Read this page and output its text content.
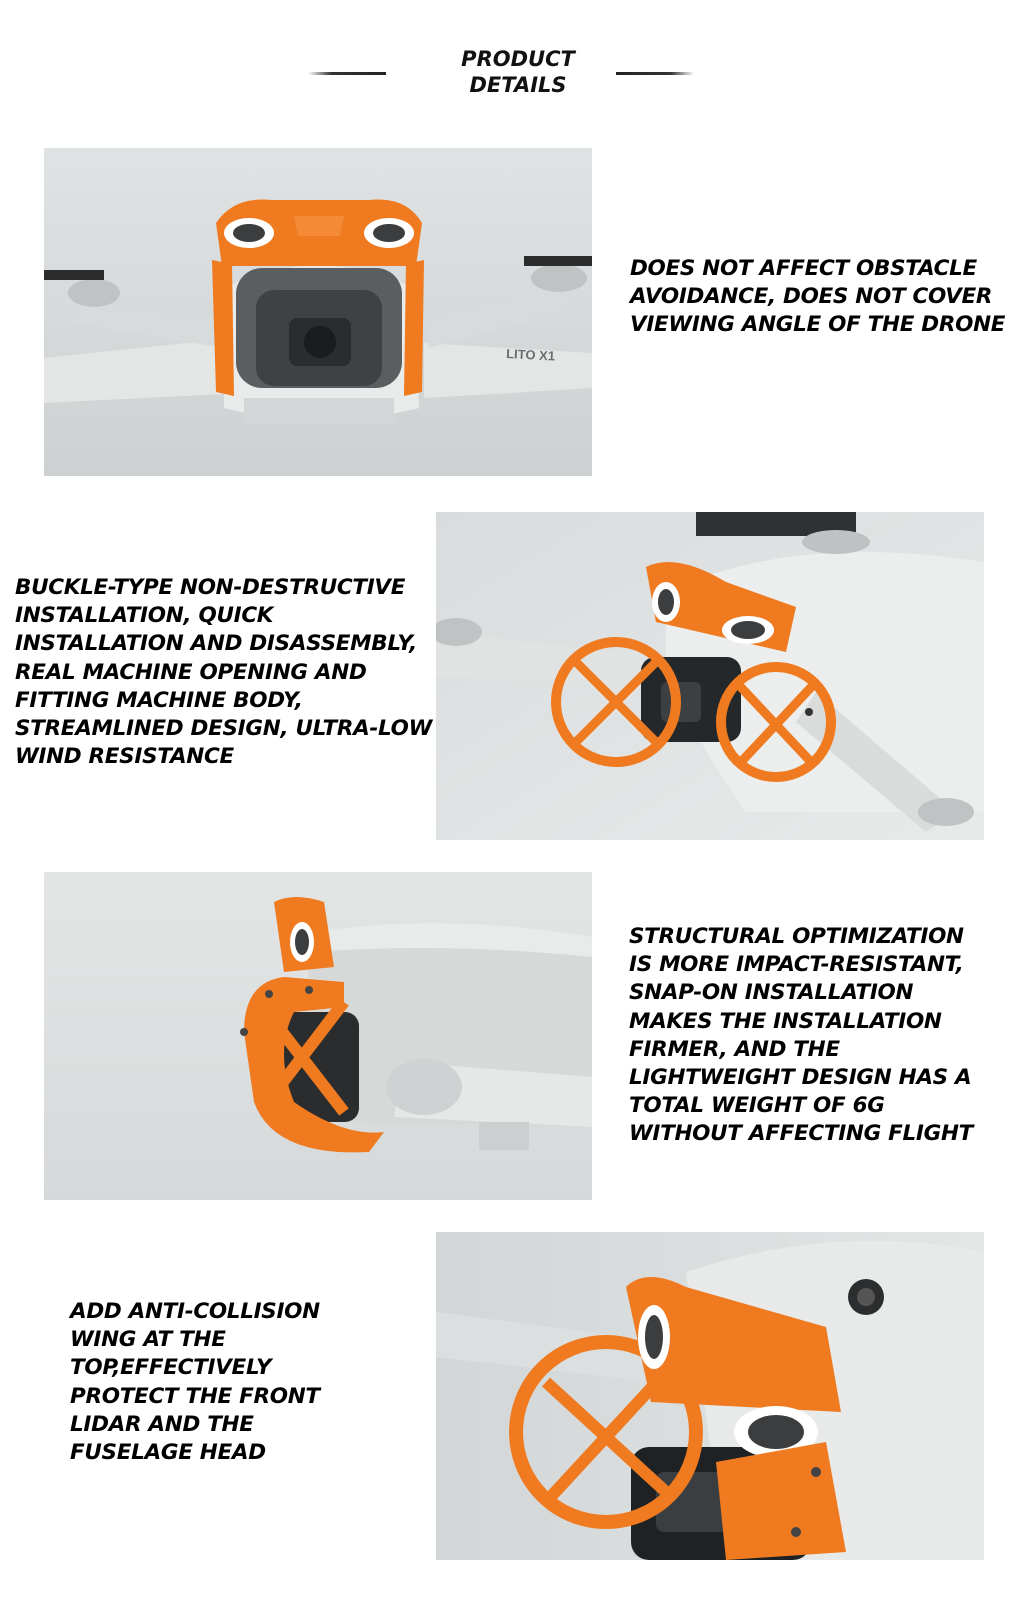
PRODUCT
DETAILS
LITO X1
DOES NOT AFFECT OBSTACLE
AVOIDANCE, DOES NOT COVER
VIEWING ANGLE OF THE DRONE
BUCKLE-TYPE NON-DESTRUCTIVE
INSTALLATION, QUICK
INSTALLATION AND DISASSEMBLY,
REAL MACHINE OPENING AND
FITTING MACHINE BODY,
STREAMLINED DESIGN, ULTRA-LOW
WIND RESISTANCE
STRUCTURAL OPTIMIZATION
IS MORE IMPACT-RESISTANT,
SNAP-ON INSTALLATION
MAKES THE INSTALLATION
FIRMER, AND THE
LIGHTWEIGHT DESIGN HAS A
TOTAL WEIGHT OF 6G
WITHOUT AFFECTING FLIGHT
ADD ANTI-COLLISION
WING AT THE
TOP,EFFECTIVELY
PROTECT THE FRONT
LIDAR AND THE
FUSELAGE HEAD
